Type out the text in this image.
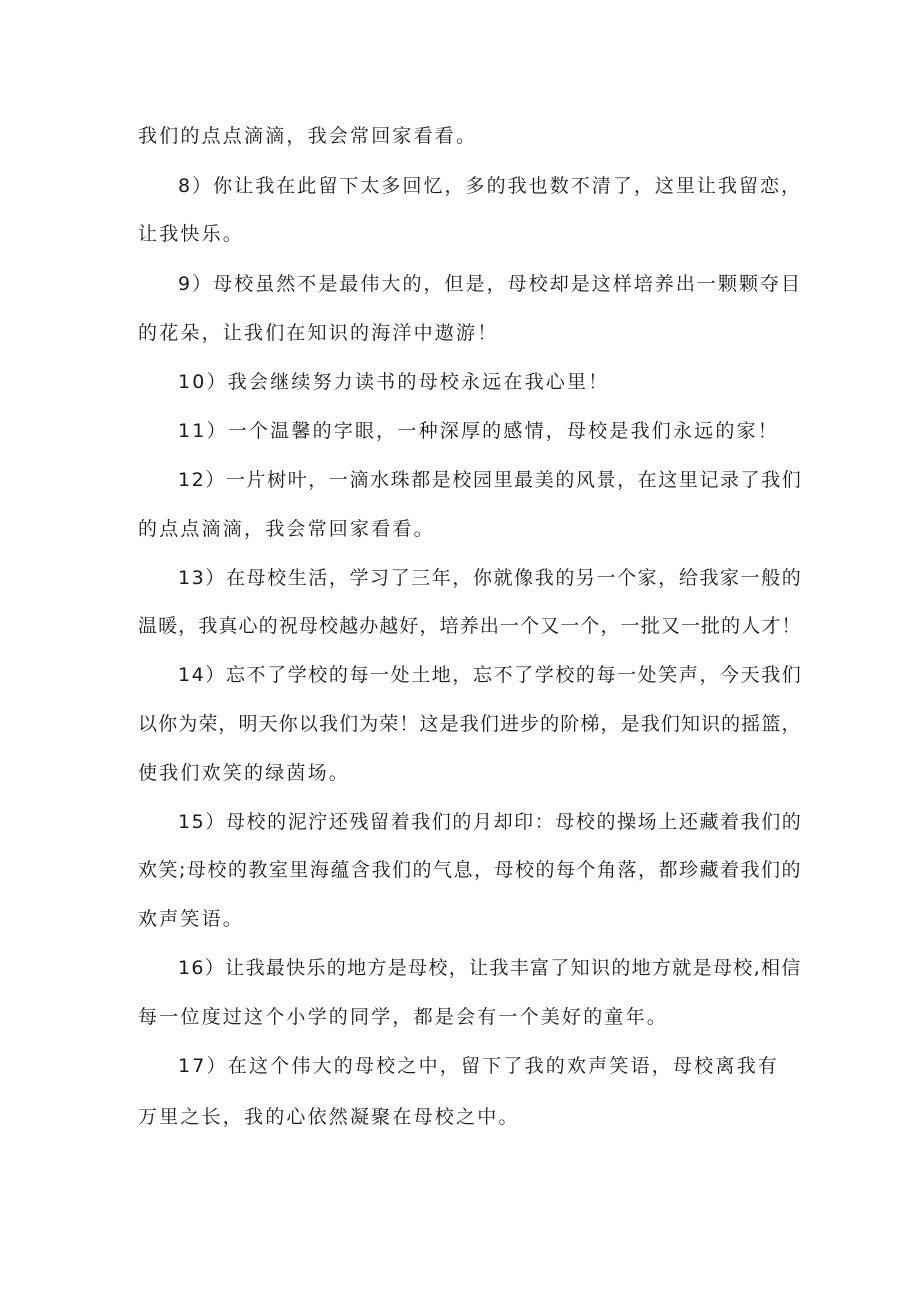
我们的点点滴滴，我会常回家看看。
8）你让我在此留下太多回忆，多的我也数不清了，这里让我留恋，
让我快乐。
9）母校虽然不是最伟大的，但是，母校却是这样培养出一颗颗夺目
的花朵，让我们在知识的海洋中遨游！
10）我会继续努力读书的母校永远在我心里！
11）一个温馨的字眼，一种深厚的感情，母校是我们永远的家！
12）一片树叶，一滴水珠都是校园里最美的风景，在这里记录了我们
的点点滴滴，我会常回家看看。
13）在母校生活，学习了三年，你就像我的另一个家，给我家一般的
温暖，我真心的祝母校越办越好，培养出一个又一个，一批又一批的人才！
14）忘不了学校的每一处土地，忘不了学校的每一处笑声，今天我们
以你为荣，明天你以我们为荣！这是我们进步的阶梯，是我们知识的摇篮，
使我们欢笑的绿茵场。
15）母校的泥泞还残留着我们的月却印：母校的操场上还藏着我们的
欢笑;母校的教室里海蕴含我们的气息，母校的每个角落，都珍藏着我们的
欢声笑语。
16）让我最快乐的地方是母校，让我丰富了知识的地方就是母校,相信
每一位度过这个小学的同学，都是会有一个美好的童年。
17）在这个伟大的母校之中，留下了我的欢声笑语，母校离我有
万里之长，我的心依然凝聚在母校之中。
